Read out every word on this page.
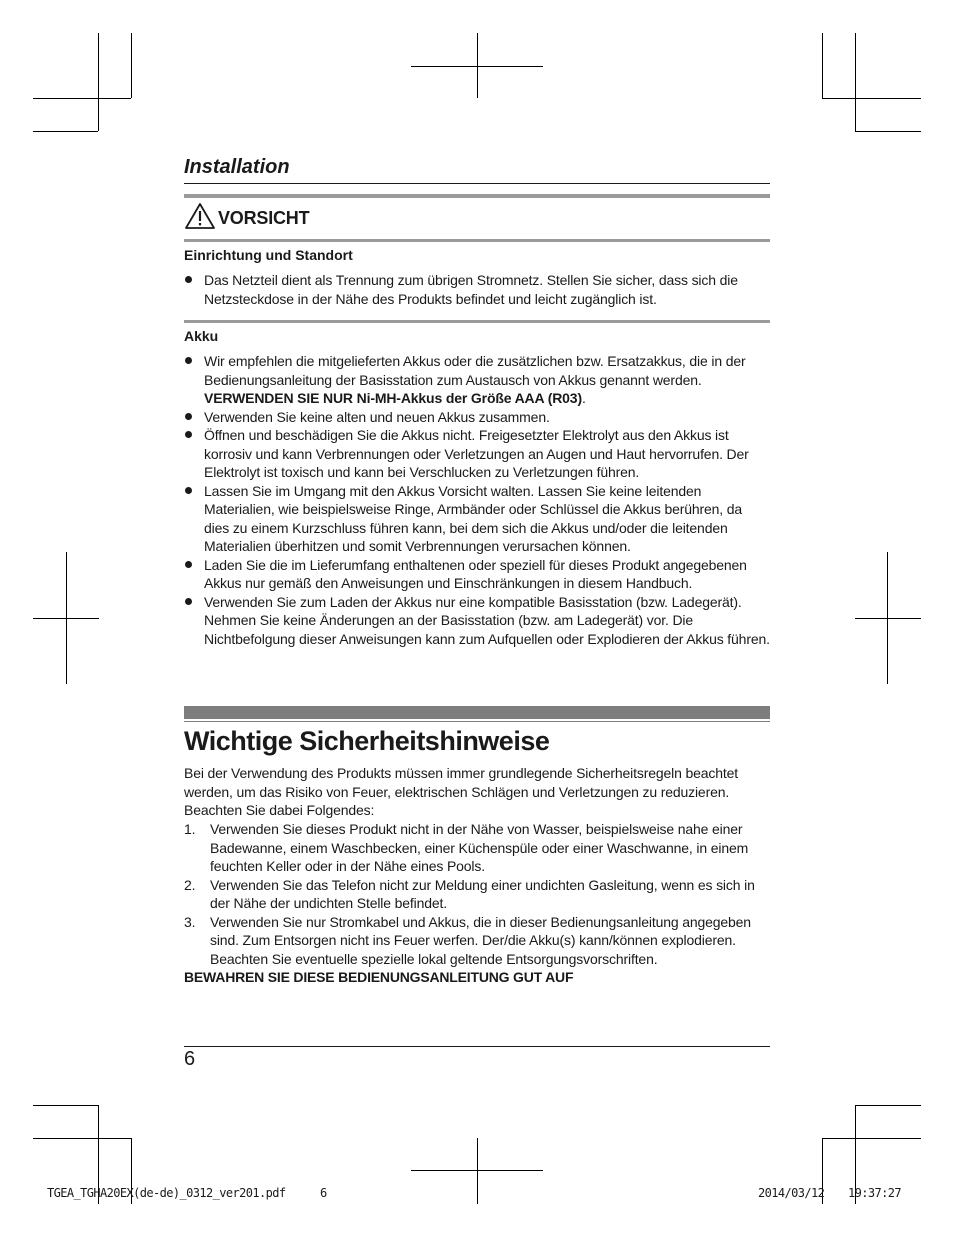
Installation
VORSICHT
Einrichtung und Standort
Das Netzteil dient als Trennung zum übrigen Stromnetz. Stellen Sie sicher, dass sich die Netzsteckdose in der Nähe des Produkts befindet und leicht zugänglich ist.
Akku
Wir empfehlen die mitgelieferten Akkus oder die zusätzlichen bzw. Ersatzakkus, die in der Bedienungsanleitung der Basisstation zum Austausch von Akkus genannt werden.
VERWENDEN SIE NUR Ni-MH-Akkus der Größe AAA (R03).
Verwenden Sie keine alten und neuen Akkus zusammen.
Öffnen und beschädigen Sie die Akkus nicht. Freigesetzter Elektrolyt aus den Akkus ist korrosiv und kann Verbrennungen oder Verletzungen an Augen und Haut hervorrufen. Der Elektrolyt ist toxisch und kann bei Verschlucken zu Verletzungen führen.
Lassen Sie im Umgang mit den Akkus Vorsicht walten. Lassen Sie keine leitenden Materialien, wie beispielsweise Ringe, Armbänder oder Schlüssel die Akkus berühren, da dies zu einem Kurzschluss führen kann, bei dem sich die Akkus und/oder die leitenden Materialien überhitzen und somit Verbrennungen verursachen können.
Laden Sie die im Lieferumfang enthaltenen oder speziell für dieses Produkt angegebenen Akkus nur gemäß den Anweisungen und Einschränkungen in diesem Handbuch.
Verwenden Sie zum Laden der Akkus nur eine kompatible Basisstation (bzw. Ladegerät). Nehmen Sie keine Änderungen an der Basisstation (bzw. am Ladegerät) vor. Die Nichtbefolgung dieser Anweisungen kann zum Aufquellen oder Explodieren der Akkus führen.
Wichtige Sicherheitshinweise
Bei der Verwendung des Produkts müssen immer grundlegende Sicherheitsregeln beachtet werden, um das Risiko von Feuer, elektrischen Schlägen und Verletzungen zu reduzieren. Beachten Sie dabei Folgendes:
1. Verwenden Sie dieses Produkt nicht in der Nähe von Wasser, beispielsweise nahe einer Badewanne, einem Waschbecken, einer Küchenspüle oder einer Waschwanne, in einem feuchten Keller oder in der Nähe eines Pools.
2. Verwenden Sie das Telefon nicht zur Meldung einer undichten Gasleitung, wenn es sich in der Nähe der undichten Stelle befindet.
3. Verwenden Sie nur Stromkabel und Akkus, die in dieser Bedienungsanleitung angegeben sind. Zum Entsorgen nicht ins Feuer werfen. Der/die Akku(s) kann/können explodieren. Beachten Sie eventuelle spezielle lokal geltende Entsorgungsvorschriften.
BEWAHREN SIE DIESE BEDIENUNGSANLEITUNG GUT AUF
6
TGEA_TGHA20EX(de-de)_0312_ver201.pdf	6	2014/03/12 19:37:27
